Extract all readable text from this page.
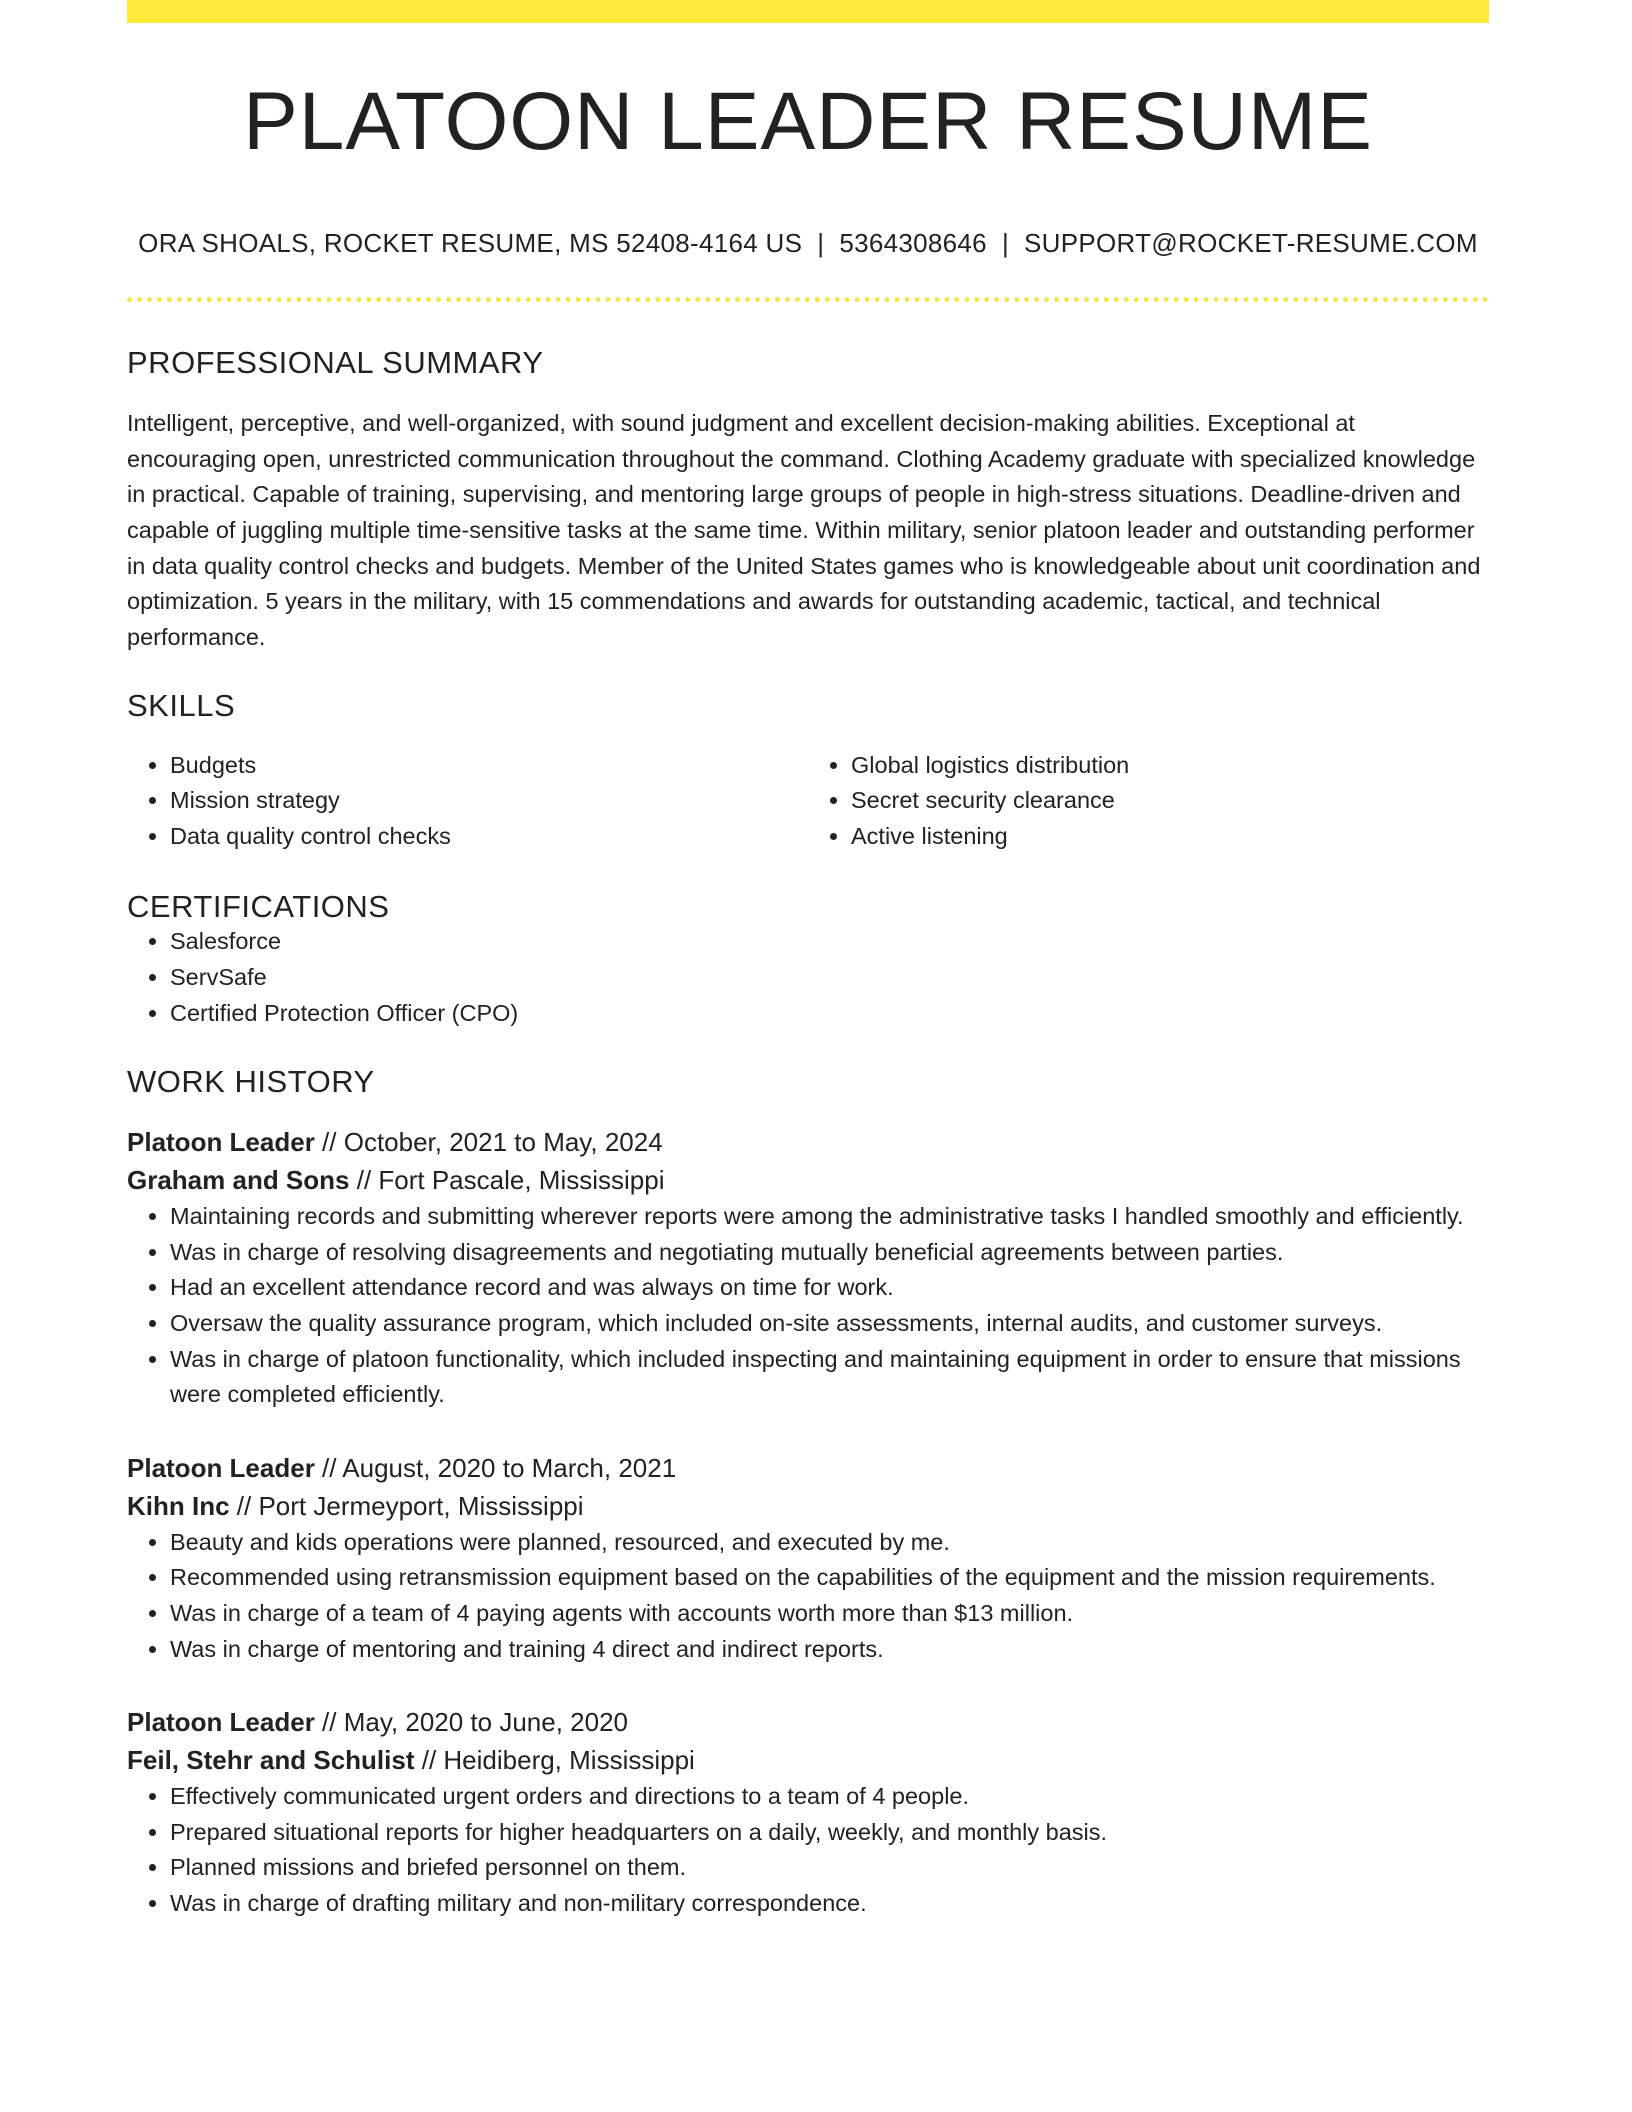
PLATOON LEADER RESUME
ORA SHOALS, ROCKET RESUME, MS 52408-4164 US | 5364308646 | SUPPORT@ROCKET-RESUME.COM
PROFESSIONAL SUMMARY

Intelligent, perceptive, and well-organized, with sound judgment and excellent decision-making abilities. Exceptional at encouraging open, unrestricted communication throughout the command. Clothing Academy graduate with specialized knowledge in practical. Capable of training, supervising, and mentoring large groups of people in high-stress situations. Deadline-driven and capable of juggling multiple time-sensitive tasks at the same time. Within military, senior platoon leader and outstanding performer in data quality control checks and budgets. Member of the United States games who is knowledgeable about unit coordination and optimization. 5 years in the military, with 15 commendations and awards for outstanding academic, tactical, and technical performance.

SKILLS
• Budgets
• Mission strategy
• Data quality control checks
• Global logistics distribution
• Secret security clearance
• Active listening
CERTIFICATIONS
• Salesforce
• ServSafe
• Certified Protection Officer (CPO)
WORK HISTORY
Platoon Leader // October, 2021 to May, 2024
Graham and Sons // Fort Pascale, Mississippi
• Maintaining records and submitting wherever reports were among the administrative tasks I handled smoothly and efficiently.
• Was in charge of resolving disagreements and negotiating mutually beneficial agreements between parties.
• Had an excellent attendance record and was always on time for work.
• Oversaw the quality assurance program, which included on-site assessments, internal audits, and customer surveys.
• Was in charge of platoon functionality, which included inspecting and maintaining equipment in order to ensure that missions were completed efficiently.
Platoon Leader // August, 2020 to March, 2021
Kihn Inc // Port Jermeyport, Mississippi
• Beauty and kids operations were planned, resourced, and executed by me.
• Recommended using retransmission equipment based on the capabilities of the equipment and the mission requirements.
• Was in charge of a team of 4 paying agents with accounts worth more than $13 million.
• Was in charge of mentoring and training 4 direct and indirect reports.
Platoon Leader // May, 2020 to June, 2020
Feil, Stehr and Schulist // Heidiberg, Mississippi
• Effectively communicated urgent orders and directions to a team of 4 people.
• Prepared situational reports for higher headquarters on a daily, weekly, and monthly basis.
• Planned missions and briefed personnel on them.
• Was in charge of drafting military and non-military correspondence.
